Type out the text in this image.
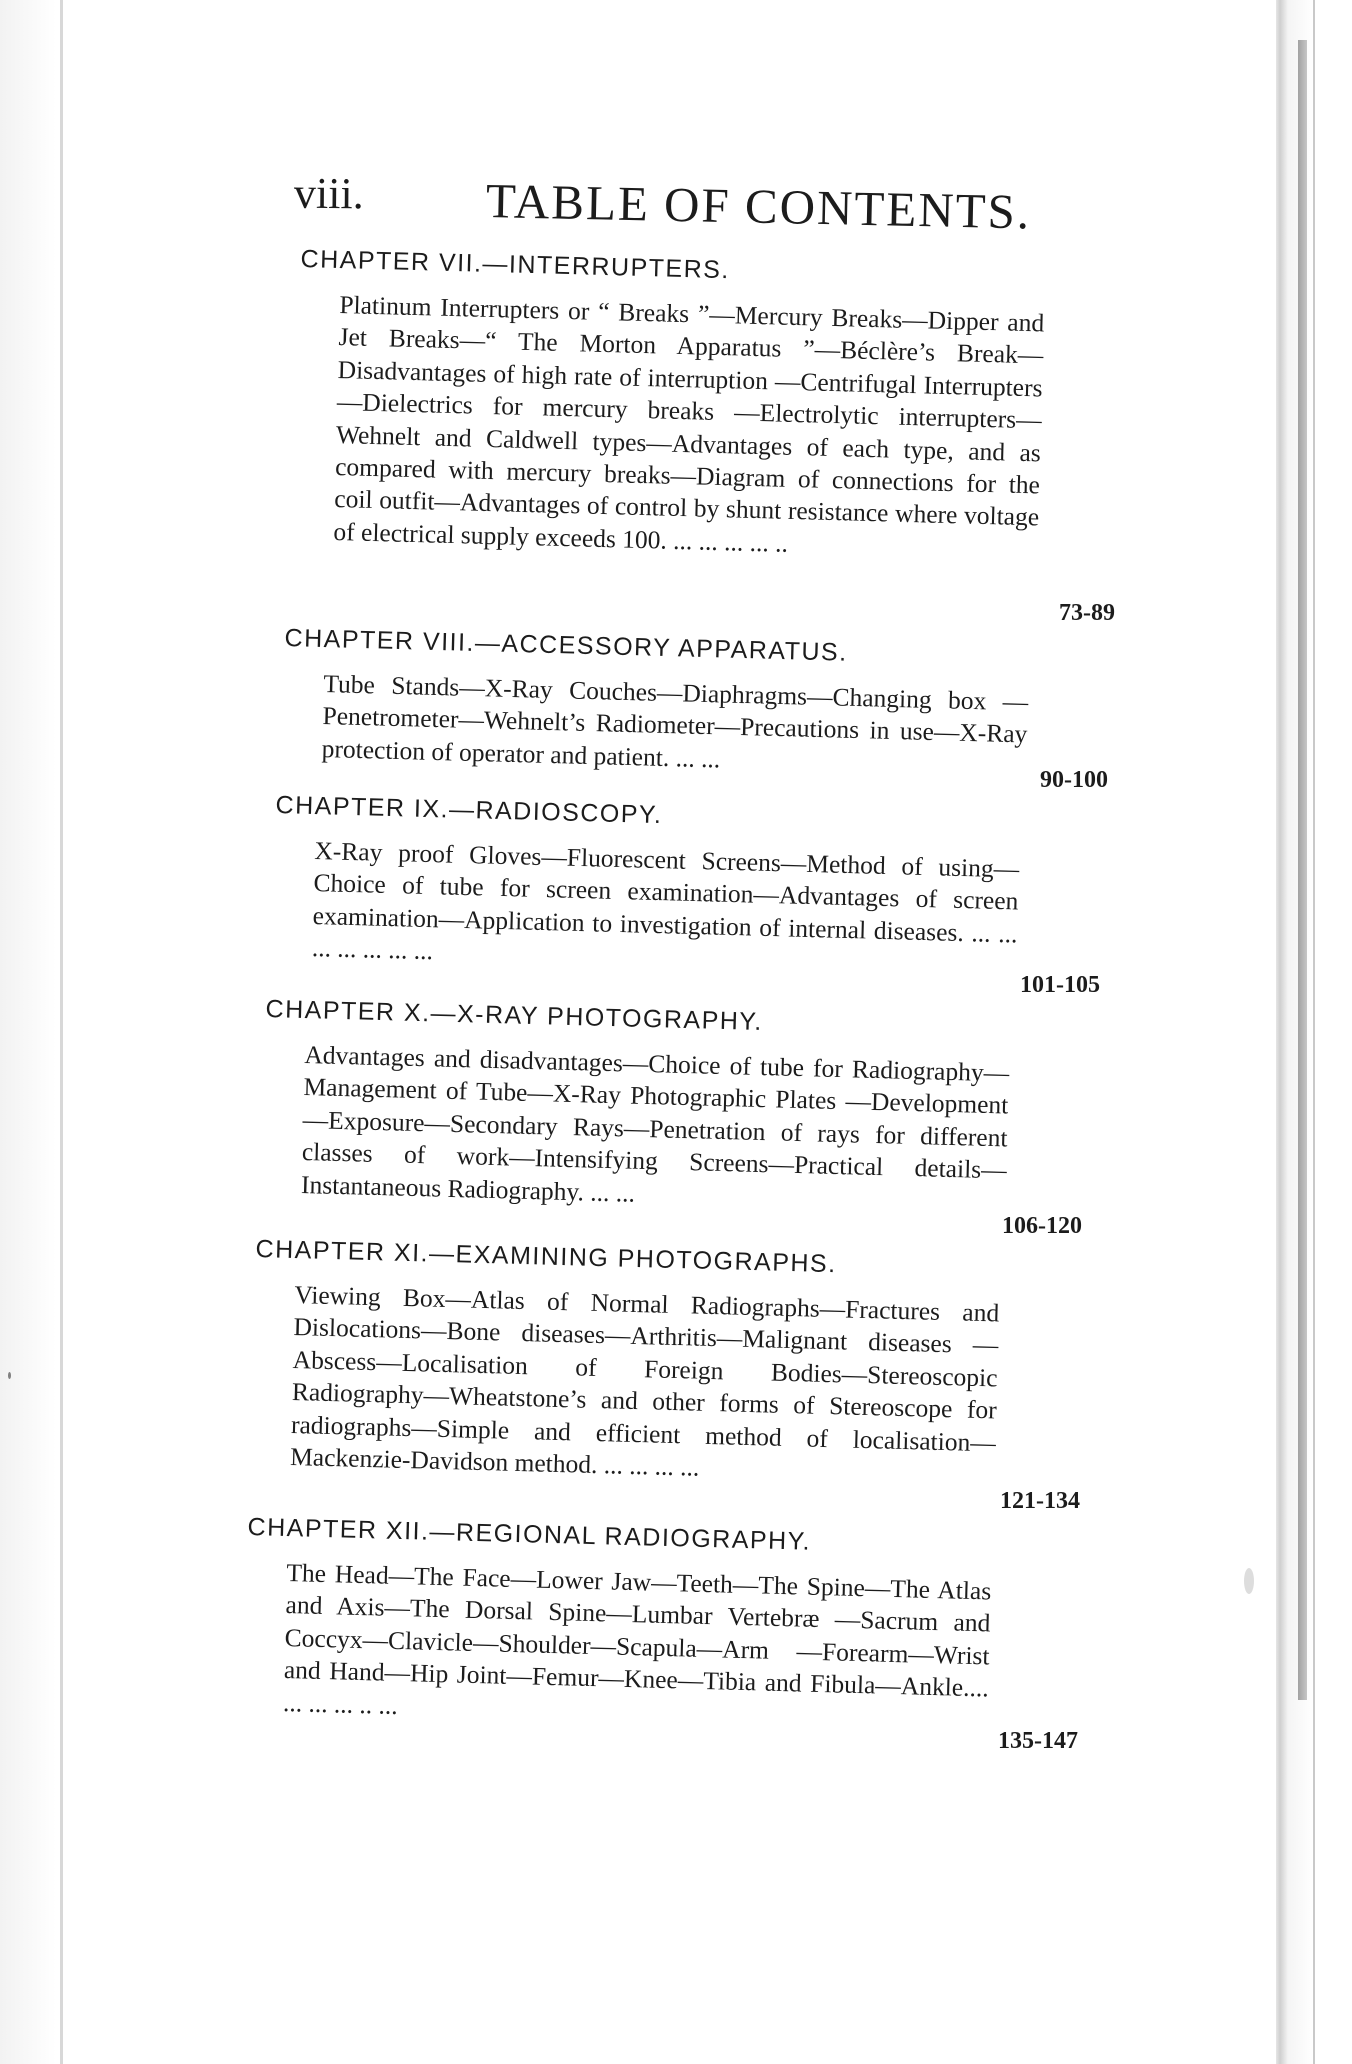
viii. TABLE OF CONTENTS.
CHAPTER VII.—INTERRUPTERS.
Platinum Interrupters or “ Breaks ”—Mercury Breaks—Dipper and Jet Breaks—“ The Morton Apparatus ”—Béclère’s Break—Disadvantages of high rate of interruption —Centrifugal Interrupters—Dielectrics for mercury breaks —Electrolytic interrupters—Wehnelt and Caldwell types—Advantages of each type, and as compared with mercury breaks—Diagram of connections for the coil outfit—Advantages of control by shunt resistance where voltage of electrical supply exceeds 100. ... ... ... ... ..
73-89
CHAPTER VIII.—ACCESSORY APPARATUS.
Tube Stands—X-Ray Couches—Diaphragms—Changing box —Penetrometer—Wehnelt’s Radiometer—Precautions in use—X-Ray protection of operator and patient. ... ...
90-100
CHAPTER IX.—RADIOSCOPY.
X-Ray proof Gloves—Fluorescent Screens—Method of using—Choice of tube for screen examination—Advantages of screen examination—Application to investigation of internal diseases. ... ... ... ... ... ... ...
101-105
CHAPTER X.—X-RAY PHOTOGRAPHY.
Advantages and disadvantages—Choice of tube for Radiography—Management of Tube—X-Ray Photographic Plates —Development—Exposure—Secondary Rays—Penetration of rays for different classes of work—Intensifying Screens—Practical details—Instantaneous Radiography. ... ...
106-120
CHAPTER XI.—EXAMINING PHOTOGRAPHS.
Viewing Box—Atlas of Normal Radiographs—Fractures and Dislocations—Bone diseases—Arthritis—Malignant diseases —Abscess—Localisation of Foreign Bodies—Stereoscopic Radiography—Wheatstone’s and other forms of Stereoscope for radiographs—Simple and efficient method of localisation—Mackenzie-Davidson method. ... ... ... ...
121-134
CHAPTER XII.—REGIONAL RADIOGRAPHY.
The Head—The Face—Lower Jaw—Teeth—The Spine—The Atlas and Axis—The Dorsal Spine—Lumbar Vertebræ —Sacrum and Coccyx—Clavicle—Shoulder—Scapula—Arm —Forearm—Wrist and Hand—Hip Joint—Femur—Knee—Tibia and Fibula—Ankle.... ... ... ... .. ...
135-147
